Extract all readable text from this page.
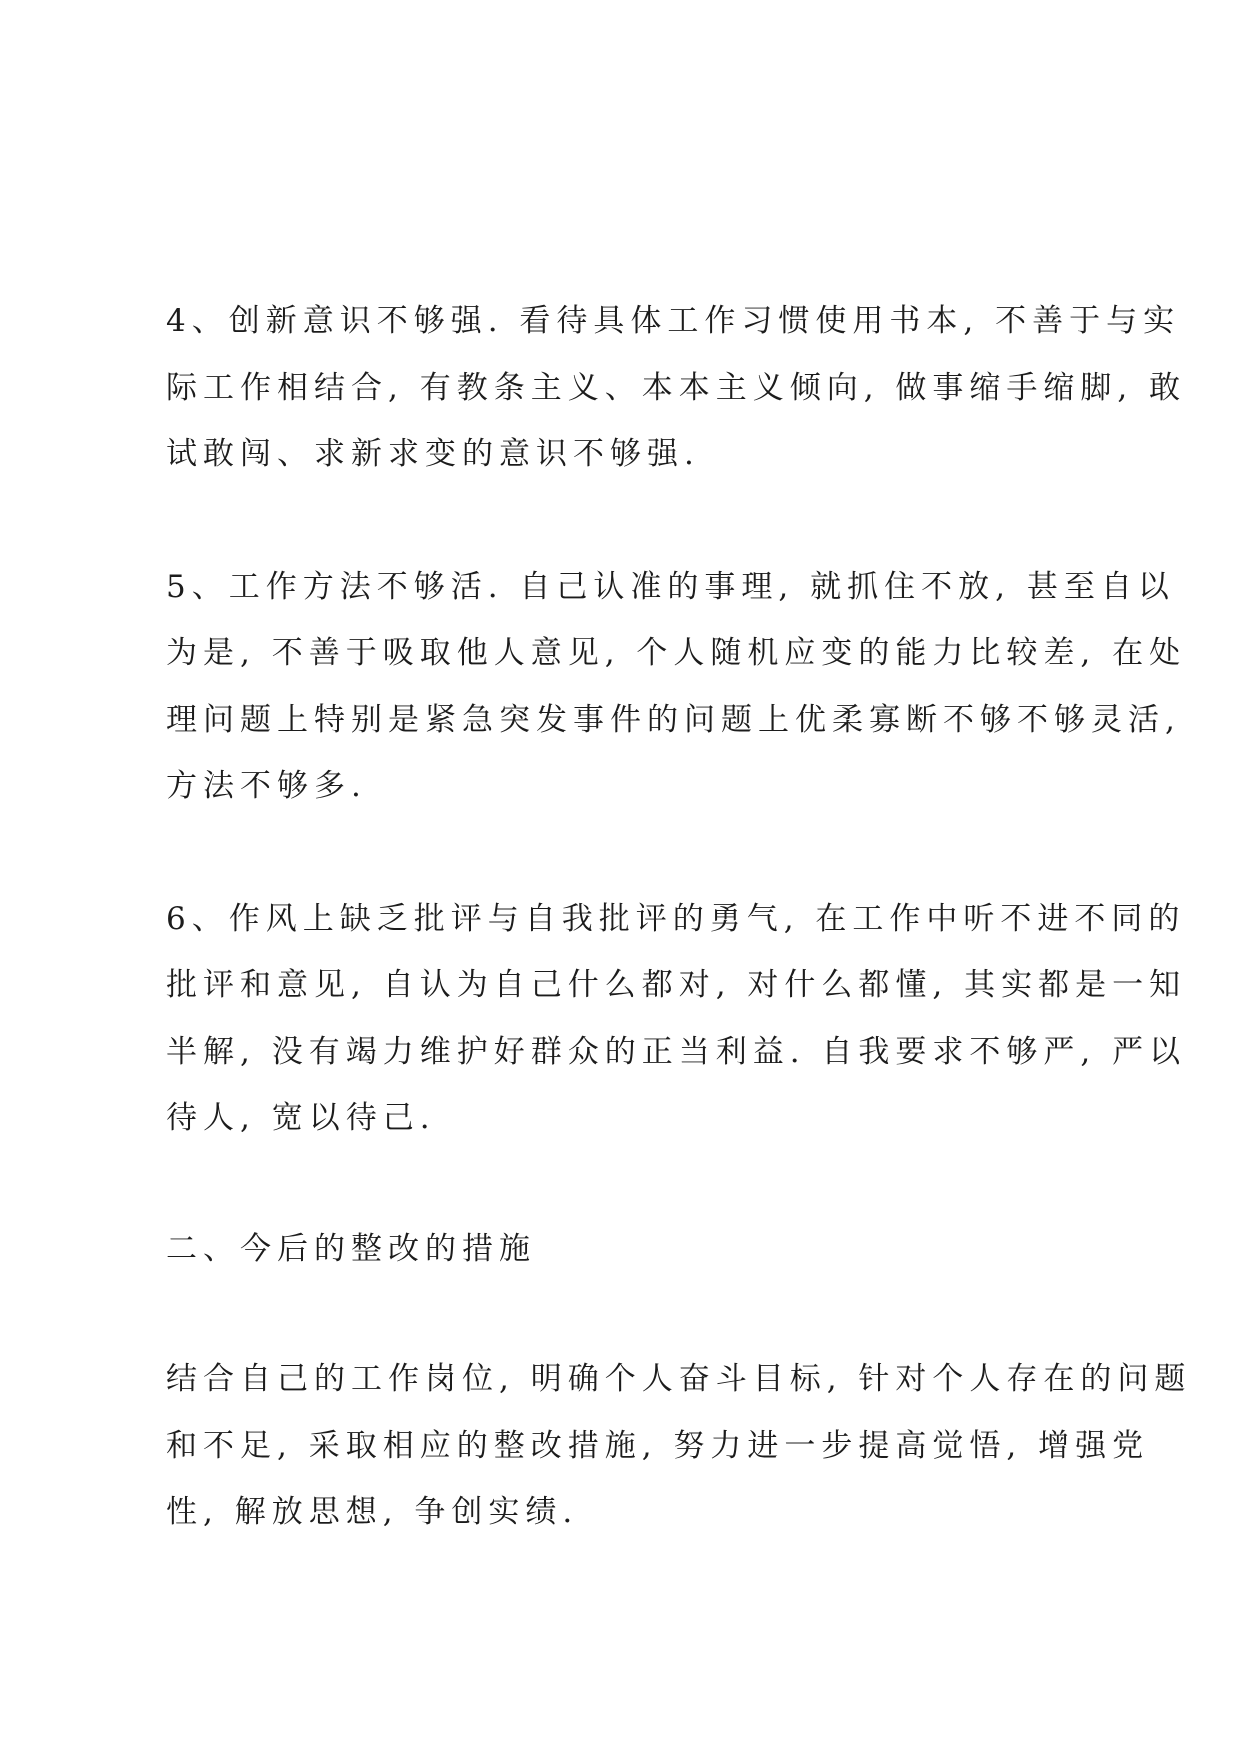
4、创新意识不够强. 看待具体工作习惯使用书本, 不善于与实
际工作相结合, 有教条主义、本本主义倾向, 做事缩手缩脚, 敢
试敢闯、求新求变的意识不够强.

5、工作方法不够活. 自己认准的事理, 就抓住不放, 甚至自以
为是, 不善于吸取他人意见, 个人随机应变的能力比较差, 在处
理问题上特别是紧急突发事件的问题上优柔寡断不够不够灵活,
方法不够多.

6、作风上缺乏批评与自我批评的勇气, 在工作中听不进不同的
批评和意见, 自认为自己什么都对, 对什么都懂, 其实都是一知
半解, 没有竭力维护好群众的正当利益. 自我要求不够严, 严以
待人, 宽以待己.

二、今后的整改的措施

结合自己的工作岗位, 明确个人奋斗目标, 针对个人存在的问题
和不足, 采取相应的整改措施, 努力进一步提高觉悟, 增强党
性, 解放思想, 争创实绩.
